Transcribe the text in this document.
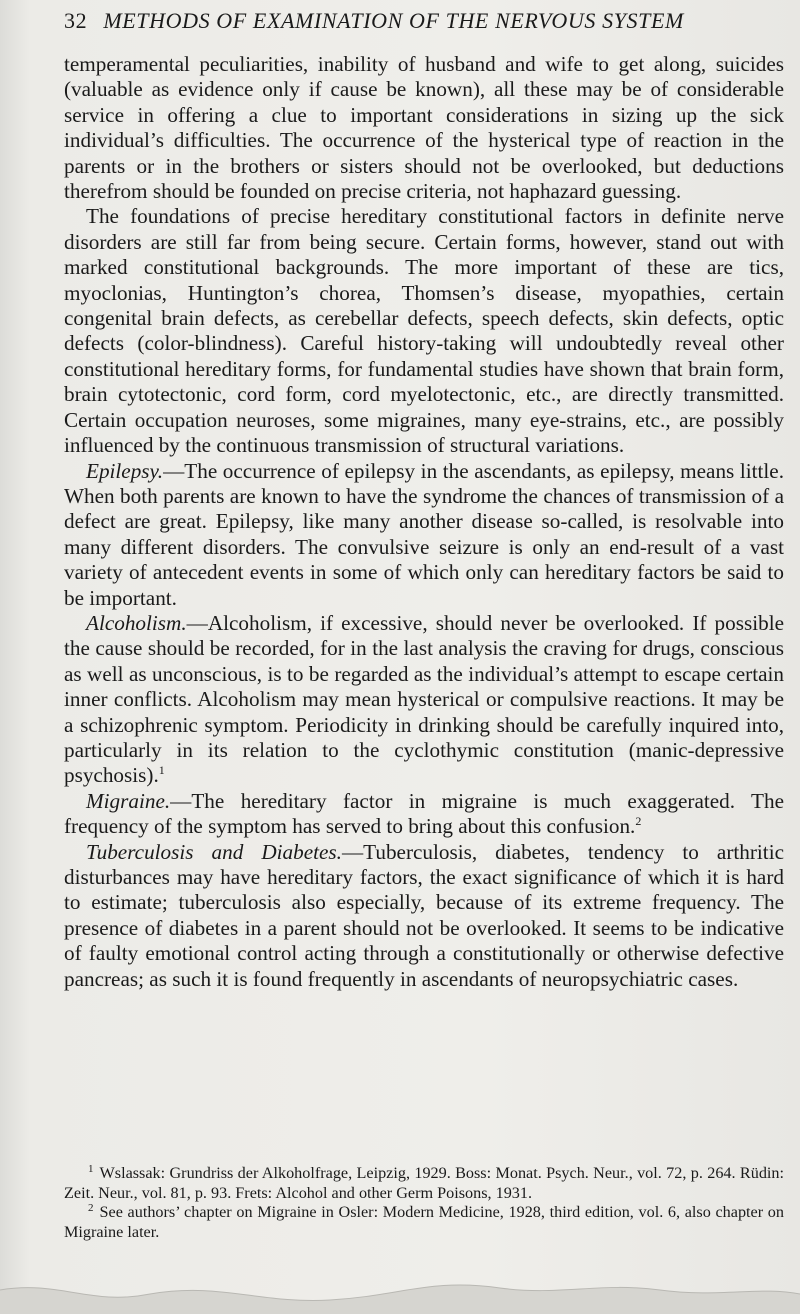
32 METHODS OF EXAMINATION OF THE NERVOUS SYSTEM

temperamental peculiarities, inability of husband and wife to get along, suicides (valuable as evidence only if cause be known), all these may be of considerable service in offering a clue to important considerations in sizing up the sick individual’s difficulties. The occurrence of the hysterical type of reaction in the parents or in the brothers or sisters should not be overlooked, but deductions therefrom should be founded on precise criteria, not haphazard guessing.

The foundations of precise hereditary constitutional factors in definite nerve disorders are still far from being secure. Certain forms, however, stand out with marked constitutional backgrounds. The more important of these are tics, myoclonias, Huntington’s chorea, Thomsen’s disease, myopathies, certain congenital brain defects, as cerebellar defects, speech defects, skin defects, optic defects (color-blindness). Careful history-taking will undoubtedly reveal other constitutional hereditary forms, for fundamental studies have shown that brain form, brain cytotectonic, cord form, cord myelotectonic, etc., are directly transmitted. Certain occupation neuroses, some migraines, many eye-strains, etc., are possibly influenced by the continuous transmission of structural variations.

Epilepsy.—The occurrence of epilepsy in the ascendants, as epilepsy, means little. When both parents are known to have the syndrome the chances of transmission of a defect are great. Epilepsy, like many another disease so-called, is resolvable into many different disorders. The convulsive seizure is only an end-result of a vast variety of antecedent events in some of which only can hereditary factors be said to be important.

Alcoholism.—Alcoholism, if excessive, should never be overlooked. If possible the cause should be recorded, for in the last analysis the craving for drugs, conscious as well as unconscious, is to be regarded as the individual’s attempt to escape certain inner conflicts. Alcoholism may mean hysterical or compulsive reactions. It may be a schizophrenic symptom. Periodicity in drinking should be carefully inquired into, particularly in its relation to the cyclothymic constitution (manic-depressive psychosis).$^1$

Migraine.—The hereditary factor in migraine is much exaggerated. The frequency of the symptom has served to bring about this confusion.$^2$

Tuberculosis and Diabetes.—Tuberculosis, diabetes, tendency to arthritic disturbances may have hereditary factors, the exact significance of which it is hard to estimate; tuberculosis also especially, because of its extreme frequency. The presence of diabetes in a parent should not be overlooked. It seems to be indicative of faulty emotional control acting through a constitutionally or otherwise defective pancreas; as such it is found frequently in ascendants of neuropsychiatric cases.

$^1$ Wslassak: Grundriss der Alkoholfrage, Leipzig, 1929. Boss: Monat. Psych. Neur., vol. 72, p. 264. Rüdin: Zeit. Neur., vol. 81, p. 93. Frets: Alcohol and other Germ Poisons, 1931.

$^2$ See authors’ chapter on Migraine in Osler: Modern Medicine, 1928, third edition, vol. 6, also chapter on Migraine later.
